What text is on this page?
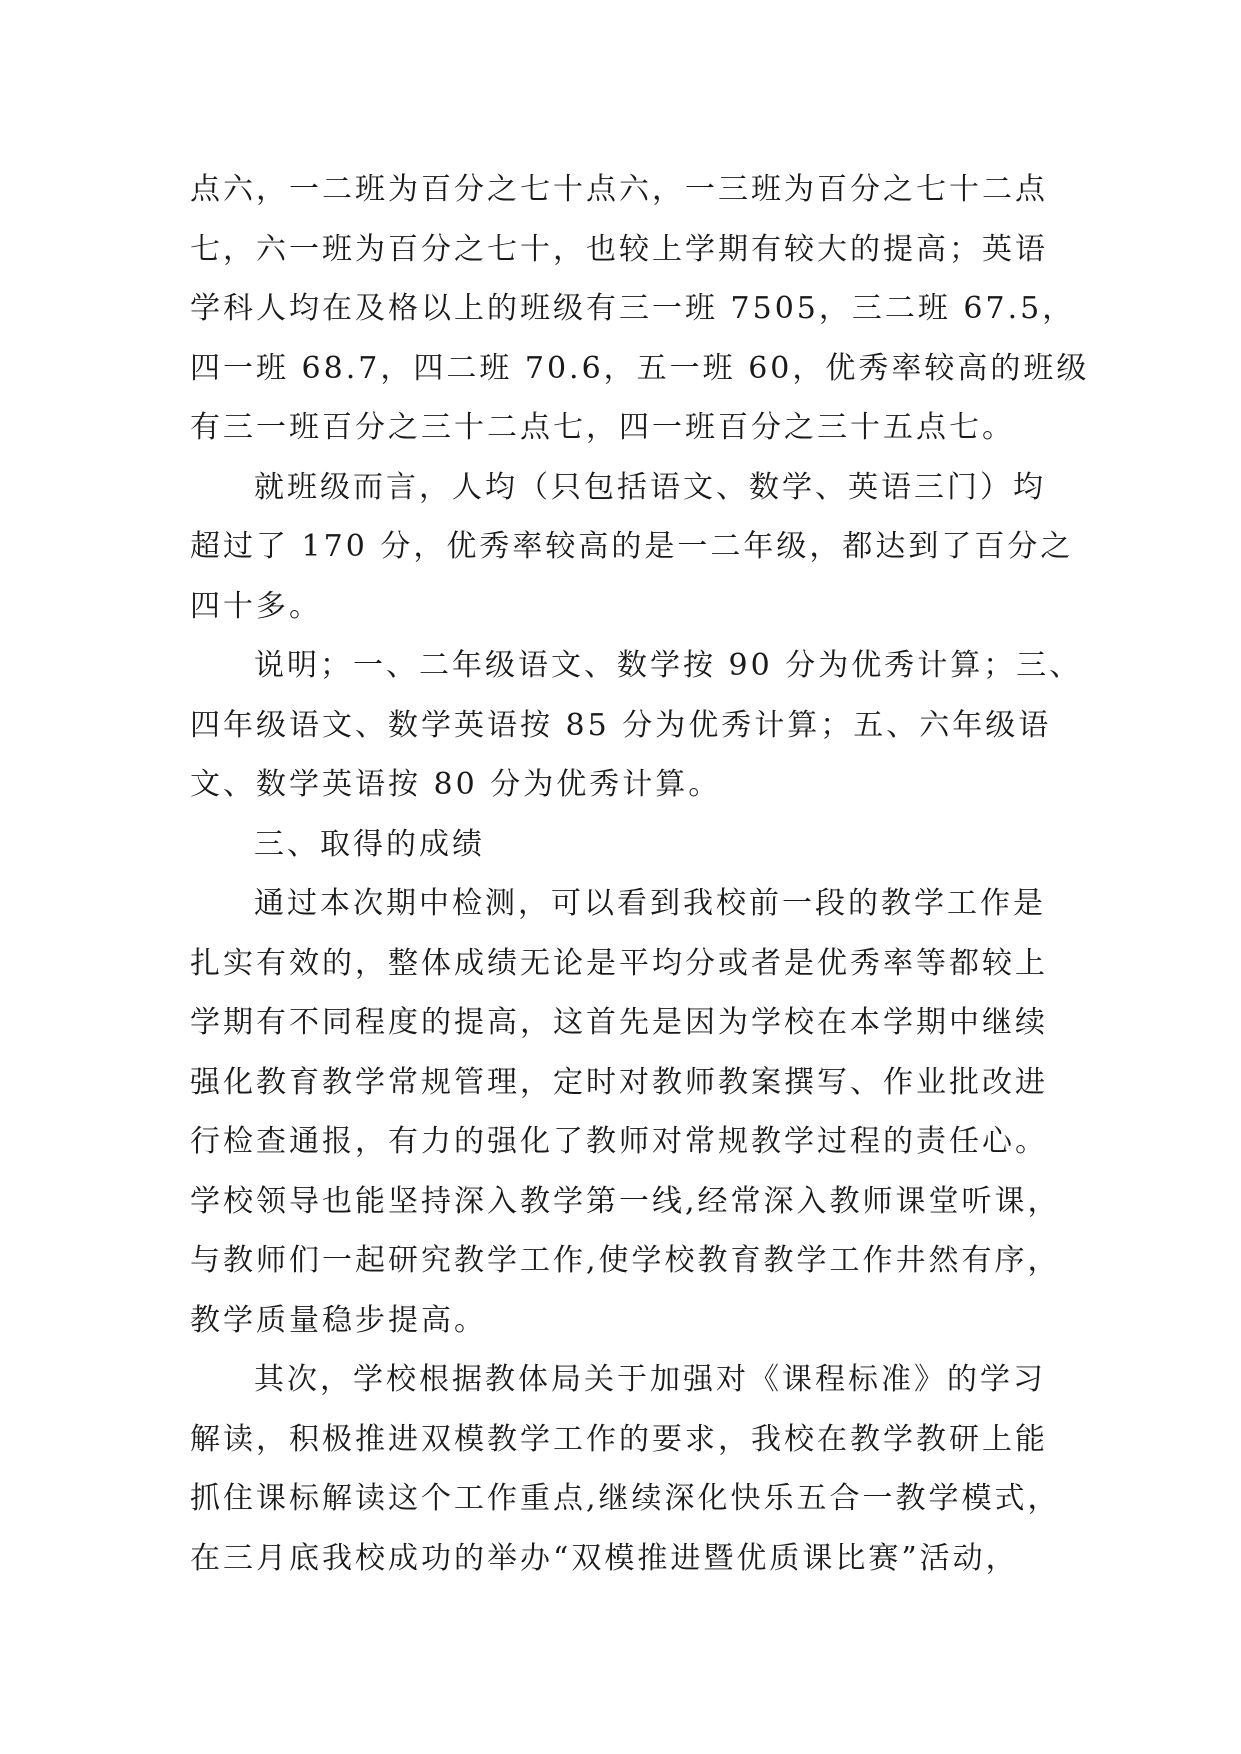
点六，一二班为百分之七十点六，一三班为百分之七十二点
七，六一班为百分之七十，也较上学期有较大的提高；英语
学科人均在及格以上的班级有三一班 7505，三二班 67.5，
四一班 68.7，四二班 70.6，五一班 60，优秀率较高的班级
有三一班百分之三十二点七，四一班百分之三十五点七。
就班级而言，人均（只包括语文、数学、英语三门）均
超过了 170 分，优秀率较高的是一二年级，都达到了百分之
四十多。
说明；一、二年级语文、数学按 90 分为优秀计算；三、
四年级语文、数学英语按 85 分为优秀计算；五、六年级语
文、数学英语按 80 分为优秀计算。
三、取得的成绩
通过本次期中检测，可以看到我校前一段的教学工作是
扎实有效的，整体成绩无论是平均分或者是优秀率等都较上
学期有不同程度的提高，这首先是因为学校在本学期中继续
强化教育教学常规管理，定时对教师教案撰写、作业批改进
行检查通报，有力的强化了教师对常规教学过程的责任心。
学校领导也能坚持深入教学第一线,经常深入教师课堂听课，
与教师们一起研究教学工作,使学校教育教学工作井然有序，
教学质量稳步提高。
其次，学校根据教体局关于加强对《课程标准》的学习
解读，积极推进双模教学工作的要求，我校在教学教研上能
抓住课标解读这个工作重点,继续深化快乐五合一教学模式，
在三月底我校成功的举办“双模推进暨优质课比赛”活动，
